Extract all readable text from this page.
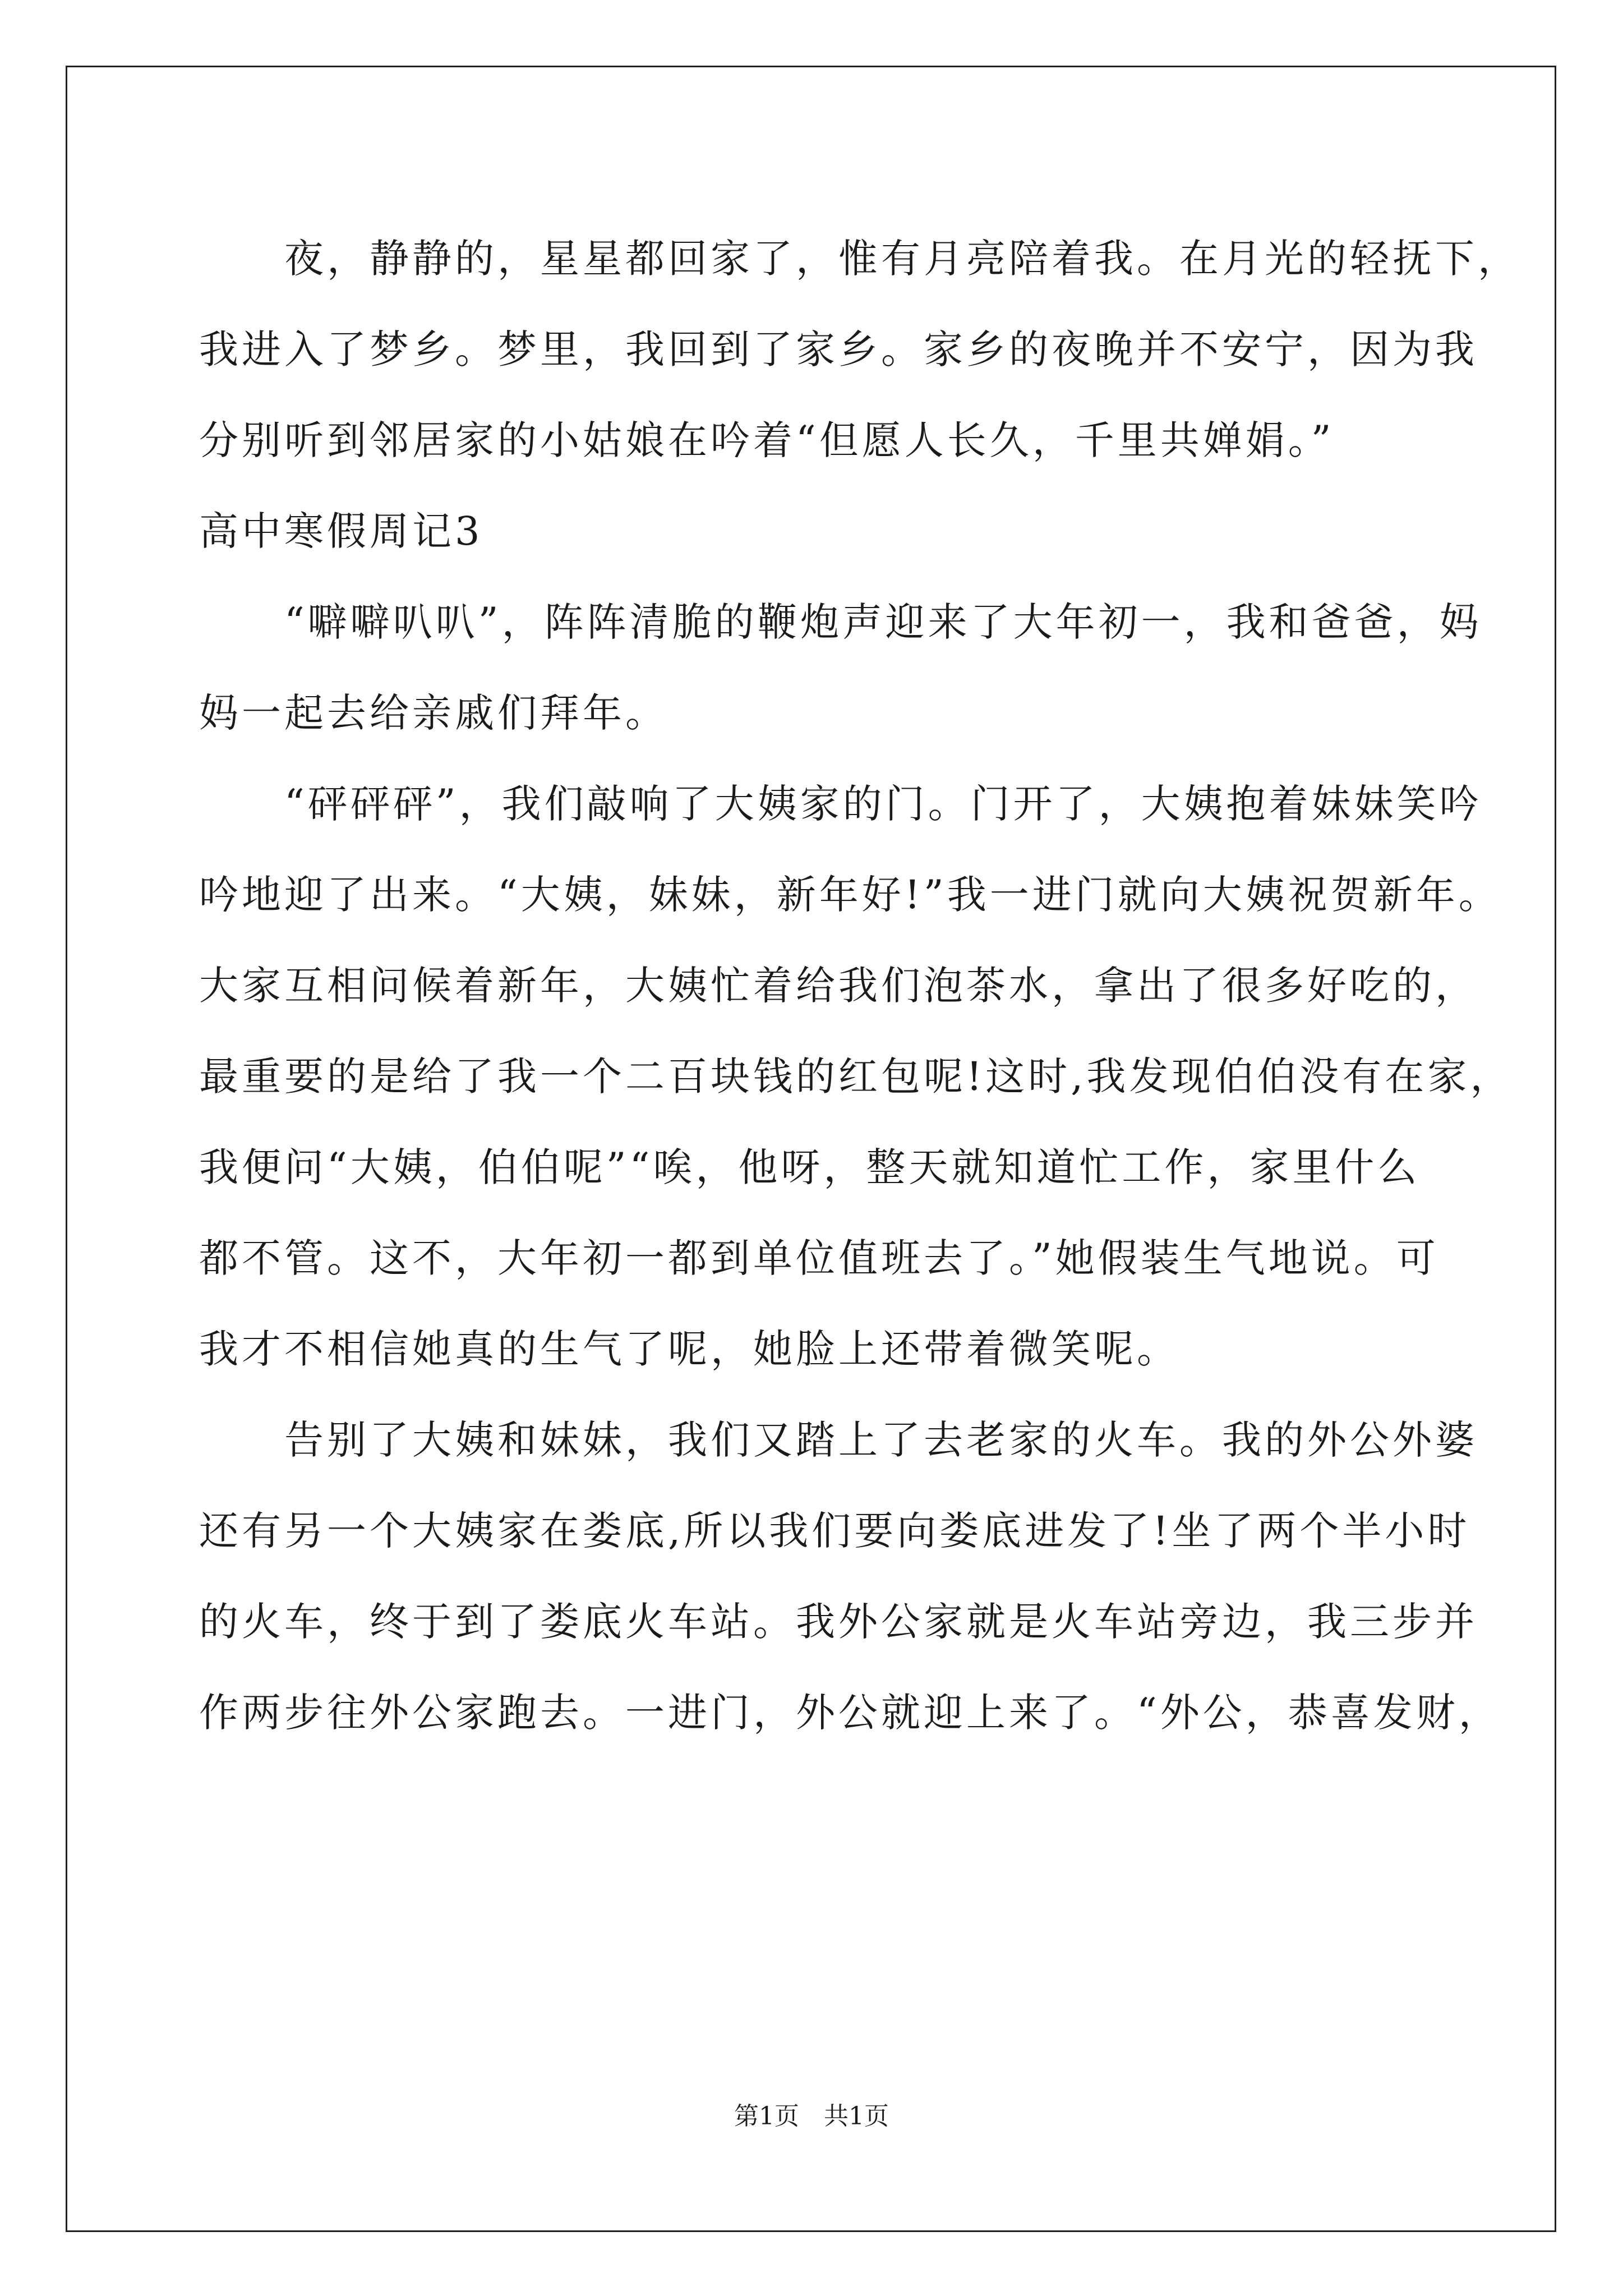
　　夜，静静的，星星都回家了，惟有月亮陪着我。在月光的轻抚下，
我进入了梦乡。梦里，我回到了家乡。家乡的夜晚并不安宁，因为我
分别听到邻居家的小姑娘在吟着“但愿人长久，千里共婵娟。”
高中寒假周记3
　　“噼噼叭叭”，阵阵清脆的鞭炮声迎来了大年初一，我和爸爸，妈
妈一起去给亲戚们拜年。
　　“砰砰砰”，我们敲响了大姨家的门。门开了，大姨抱着妹妹笑吟
吟地迎了出来。“大姨，妹妹，新年好!”我一进门就向大姨祝贺新年。
大家互相问候着新年，大姨忙着给我们泡茶水，拿出了很多好吃的，
最重要的是给了我一个二百块钱的红包呢!这时,我发现伯伯没有在家，
我便问“大姨，伯伯呢”“唉，他呀，整天就知道忙工作，家里什么
都不管。这不，大年初一都到单位值班去了。”她假装生气地说。可
我才不相信她真的生气了呢，她脸上还带着微笑呢。
　　告别了大姨和妹妹，我们又踏上了去老家的火车。我的外公外婆
还有另一个大姨家在娄底,所以我们要向娄底进发了!坐了两个半小时
的火车，终于到了娄底火车站。我外公家就是火车站旁边，我三步并
作两步往外公家跑去。一进门，外公就迎上来了。“外公，恭喜发财，
第1页　共1页
